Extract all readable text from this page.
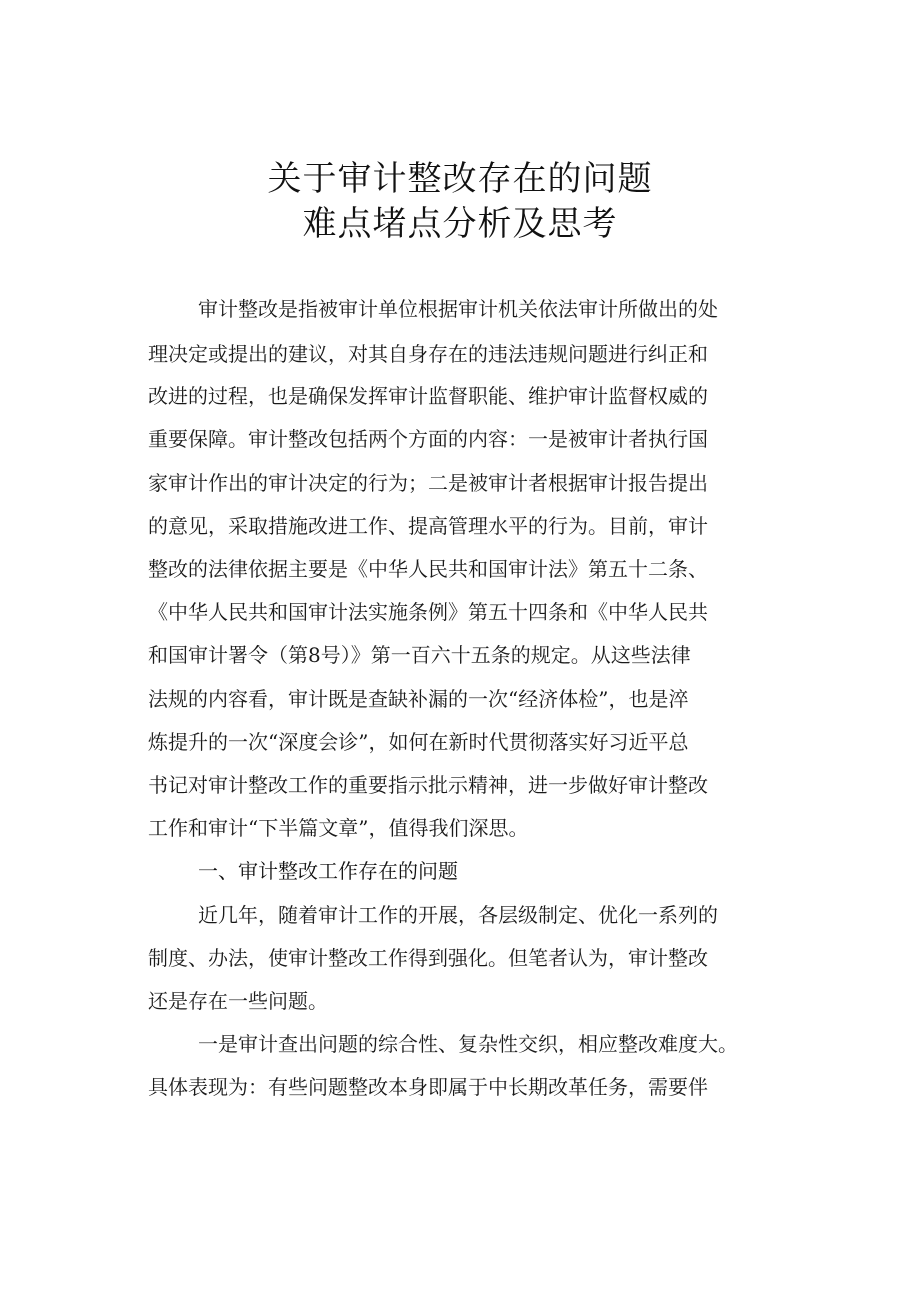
关于审计整改存在的问题
难点堵点分析及思考
审计整改是指被审计单位根据审计机关依法审计所做出的处
理决定或提出的建议，对其自身存在的违法违规问题进行纠正和
改进的过程，也是确保发挥审计监督职能、维护审计监督权威的
重要保障。审计整改包括两个方面的内容：一是被审计者执行国
家审计作出的审计决定的行为；二是被审计者根据审计报告提出
的意见，采取措施改进工作、提高管理水平的行为。目前，审计
整改的法律依据主要是《中华人民共和国审计法》第五十二条、
《中华人民共和国审计法实施条例》第五十四条和《中华人民共
和国审计署令（第8号）》第一百六十五条的规定。从这些法律
法规的内容看，审计既是查缺补漏的一次“经济体检”，也是淬
炼提升的一次“深度会诊”，如何在新时代贯彻落实好习近平总
书记对审计整改工作的重要指示批示精神，进一步做好审计整改
工作和审计“下半篇文章”，值得我们深思。
一、审计整改工作存在的问题
近几年，随着审计工作的开展，各层级制定、优化一系列的
制度、办法，使审计整改工作得到强化。但笔者认为，审计整改
还是存在一些问题。
一是审计查出问题的综合性、复杂性交织，相应整改难度大。
具体表现为：有些问题整改本身即属于中长期改革任务，需要伴
